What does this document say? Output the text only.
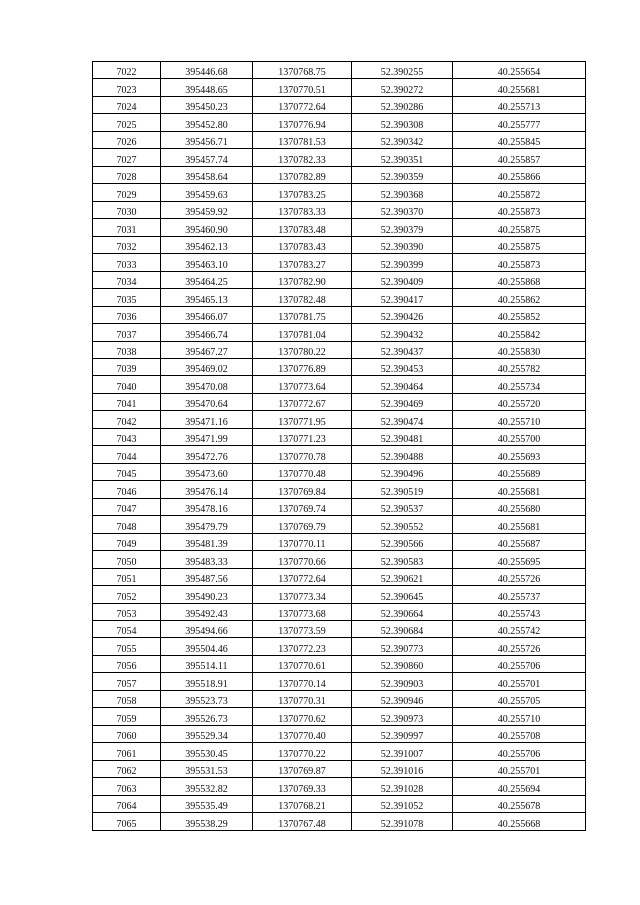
7022	395446.68	1370768.75	52.390255	40.255654

7023	395448.65	1370770.51	52.390272	40.255681

7024	395450.23	1370772.64	52.390286	40.255713

7025	395452.80	1370776.94	52.390308	40.255777

7026	395456.71	1370781.53	52.390342	40.255845

7027	395457.74	1370782.33	52.390351	40.255857

7028	395458.64	1370782.89	52.390359	40.255866

7029	395459.63	1370783.25	52.390368	40.255872

7030	395459.92	1370783.33	52.390370	40.255873

7031	395460.90	1370783.48	52.390379	40.255875

7032	395462.13	1370783.43	52.390390	40.255875

7033	395463.10	1370783.27	52.390399	40.255873

7034	395464.25	1370782.90	52.390409	40.255868

7035	395465.13	1370782.48	52.390417	40.255862

7036	395466.07	1370781.75	52.390426	40.255852

7037	395466.74	1370781.04	52.390432	40.255842

7038	395467.27	1370780.22	52.390437	40.255830

7039	395469.02	1370776.89	52.390453	40.255782

7040	395470.08	1370773.64	52.390464	40.255734

7041	395470.64	1370772.67	52.390469	40.255720

7042	395471.16	1370771.95	52.390474	40.255710

7043	395471.99	1370771.23	52.390481	40.255700

7044	395472.76	1370770.78	52.390488	40.255693

7045	395473.60	1370770.48	52.390496	40.255689

7046	395476.14	1370769.84	52.390519	40.255681

7047	395478.16	1370769.74	52.390537	40.255680

7048	395479.79	1370769.79	52.390552	40.255681

7049	395481.39	1370770.11	52.390566	40.255687

7050	395483.33	1370770.66	52.390583	40.255695

7051	395487.56	1370772.64	52.390621	40.255726

7052	395490.23	1370773.34	52.390645	40.255737

7053	395492.43	1370773.68	52.390664	40.255743

7054	395494.66	1370773.59	52.390684	40.255742

7055	395504.46	1370772.23	52.390773	40.255726

7056	395514.11	1370770.61	52.390860	40.255706

7057	395518.91	1370770.14	52.390903	40.255701

7058	395523.73	1370770.31	52.390946	40.255705

7059	395526.73	1370770.62	52.390973	40.255710

7060	395529.34	1370770.40	52.390997	40.255708

7061	395530.45	1370770.22	52.391007	40.255706

7062	395531.53	1370769.87	52.391016	40.255701

7063	395532.82	1370769.33	52.391028	40.255694

7064	395535.49	1370768.21	52.391052	40.255678

7065	395538.29	1370767.48	52.391078	40.255668
